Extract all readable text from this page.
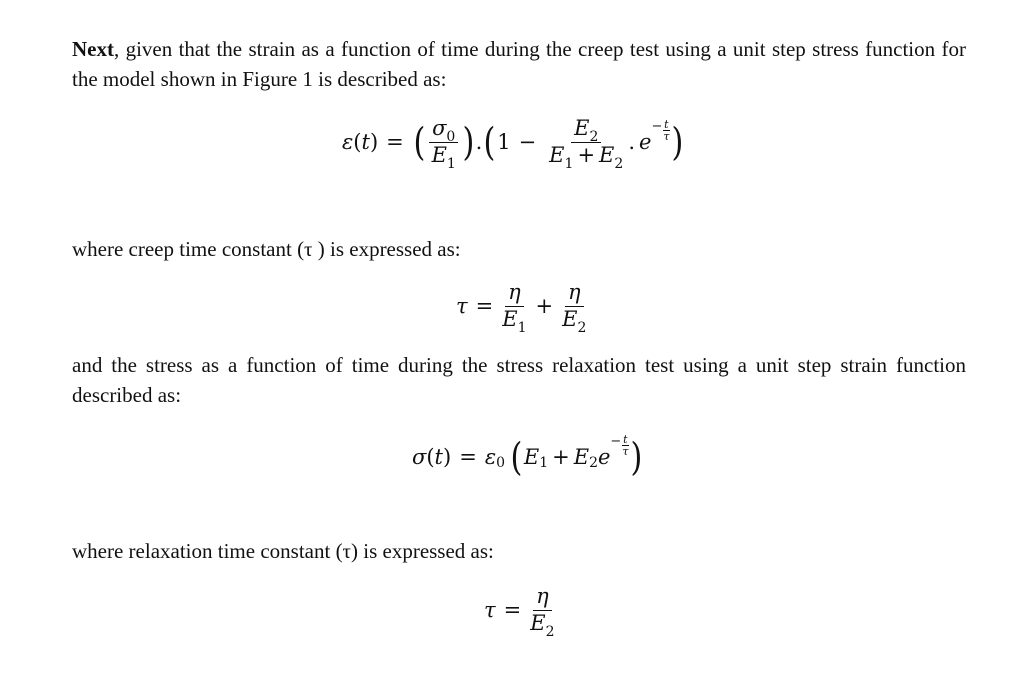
Next, given that the strain as a function of time during the creep test using a unit step stress function for the model shown in Figure 1 is described as:

ε ( t ) = ( $\frac{\sigma_0}{E_1}$ ) . ( $1 - \frac{E_2}{E_1 + E_2}$ . e
− $\frac{t}{\tau}$ )

where creep time constant (τ ) is expressed as:

$\tau = \frac{\eta}{E_1} + \frac{\eta}{E_2}$

and the stress as a function of time during the stress relaxation test using a unit step strain function described as:

σ ( t ) = ε 0 ( E 1 + E 2 e
− $\frac{t}{\tau}$ )

where relaxation time constant (τ) is expressed as:

$\tau = \frac{\eta}{E_2}$
